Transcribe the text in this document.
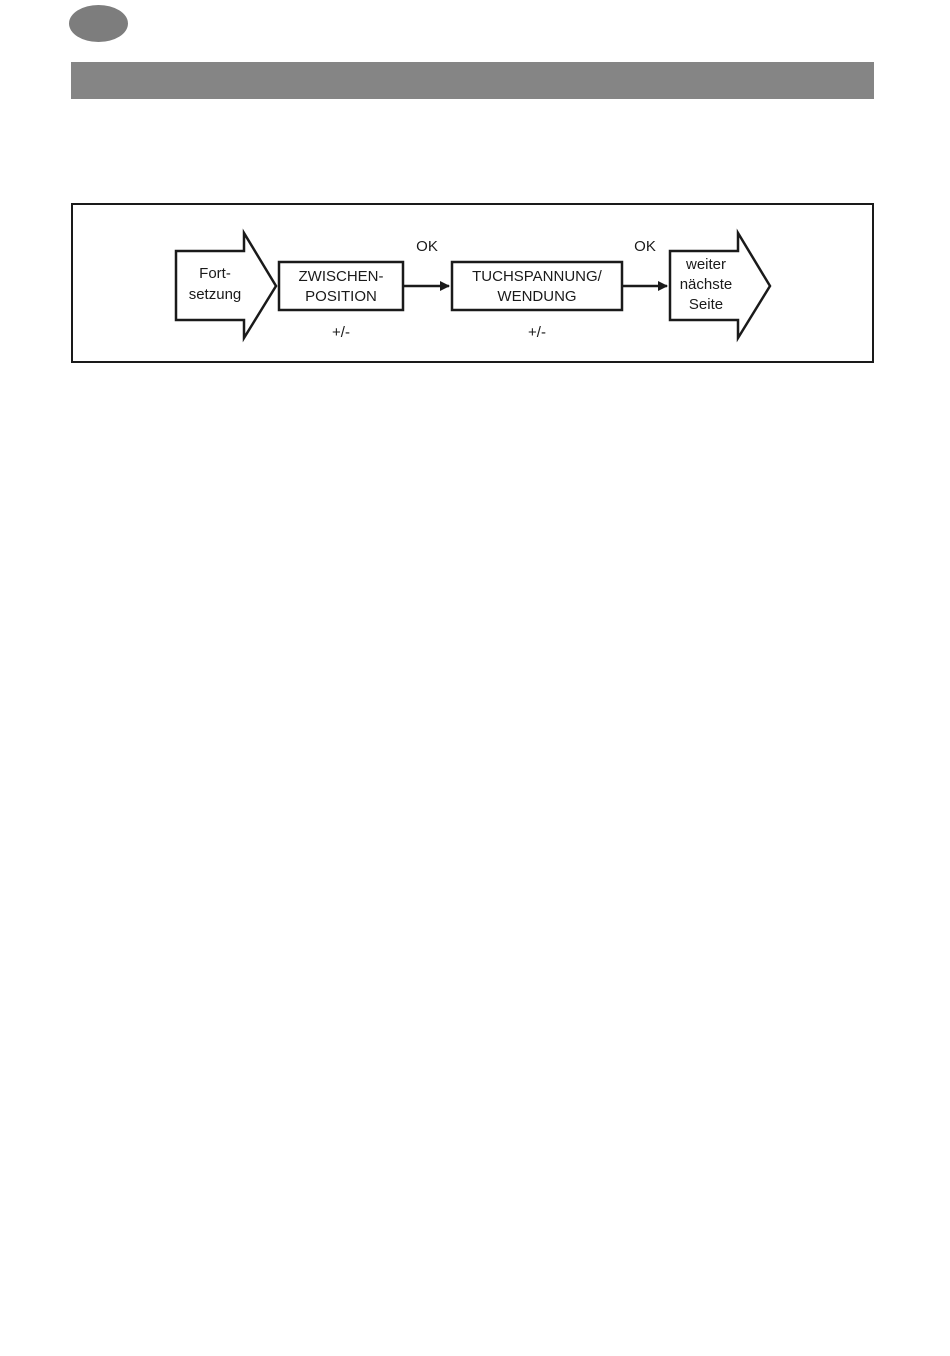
Fort-
setzung
ZWISCHEN-
POSITION
+/-
OK
TUCHSPANNUNG/
WENDUNG
+/-
OK
weiter
nächste
Seite
